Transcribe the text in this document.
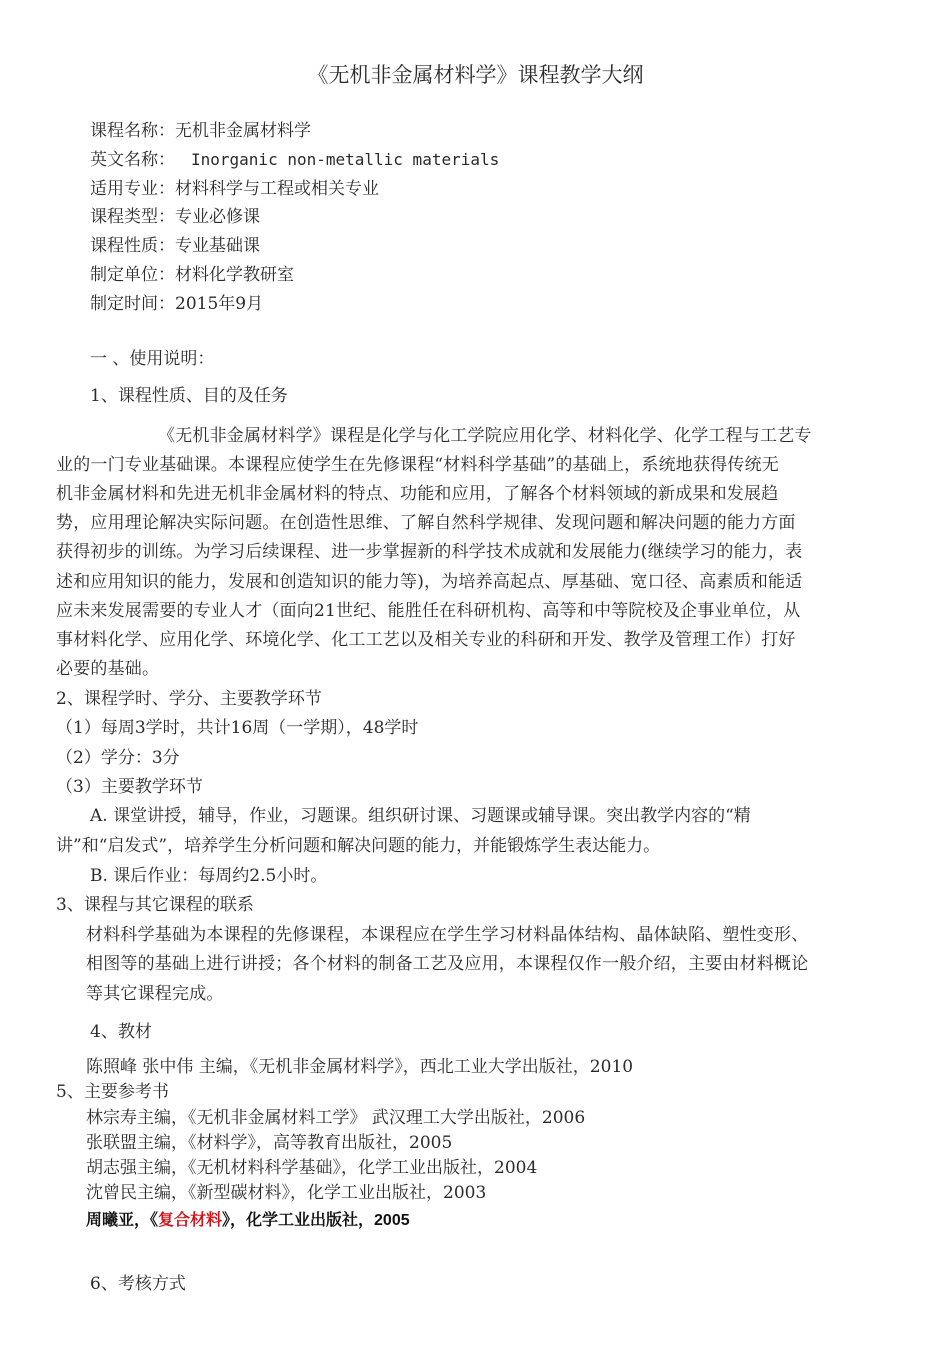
《无机非金属材料学》课程教学大纲
课程名称：无机非金属材料学
英文名称： Inorganic non-metallic materials
适用专业：材料科学与工程或相关专业
课程类型：专业必修课
课程性质：专业基础课
制定单位：材料化学教研室
制定时间：2015年9月
一 、使用说明：
1、课程性质、目的及任务
《无机非金属材料学》课程是化学与化工学院应用化学、材料化学、化学工程与工艺专
业的一门专业基础课。本课程应使学生在先修课程“材料科学基础”的基础上，系统地获得传统无
机非金属材料和先进无机非金属材料的特点、功能和应用，了解各个材料领域的新成果和发展趋
势，应用理论解决实际问题。在创造性思维、了解自然科学规律、发现问题和解决问题的能力方面
获得初步的训练。为学习后续课程、进一步掌握新的科学技术成就和发展能力(继续学习的能力，表
述和应用知识的能力，发展和创造知识的能力等)，为培养高起点、厚基础、宽口径、高素质和能适
应未来发展需要的专业人才（面向21世纪、能胜任在科研机构、高等和中等院校及企事业单位，从
事材料化学、应用化学、环境化学、化工工艺以及相关专业的科研和开发、教学及管理工作）打好
必要的基础。
2、课程学时、学分、主要教学环节
（1）每周3学时，共计16周（一学期），48学时
（2）学分：3分
（3）主要教学环节
A. 课堂讲授，辅导，作业，习题课。组织研讨课、习题课或辅导课。突出教学内容的“精
讲”和“启发式”，培养学生分析问题和解决问题的能力，并能锻炼学生表达能力。
B. 课后作业：每周约2.5小时。
3、课程与其它课程的联系
材料科学基础为本课程的先修课程，本课程应在学生学习材料晶体结构、晶体缺陷、塑性变形、
相图等的基础上进行讲授；各个材料的制备工艺及应用，本课程仅作一般介绍，主要由材料概论
等其它课程完成。
4、教材
陈照峰 张中伟 主编，《无机非金属材料学》，西北工业大学出版社，2010
5、主要参考书
林宗寿主编，《无机非金属材料工学》 武汉理工大学出版社，2006
张联盟主编，《材料学》，高等教育出版社，2005
胡志强主编，《无机材料科学基础》，化学工业出版社，2004
沈曾民主编，《新型碳材料》，化学工业出版社，2003
周曦亚，《复合材料》，化学工业出版社，2005
6、考核方式
